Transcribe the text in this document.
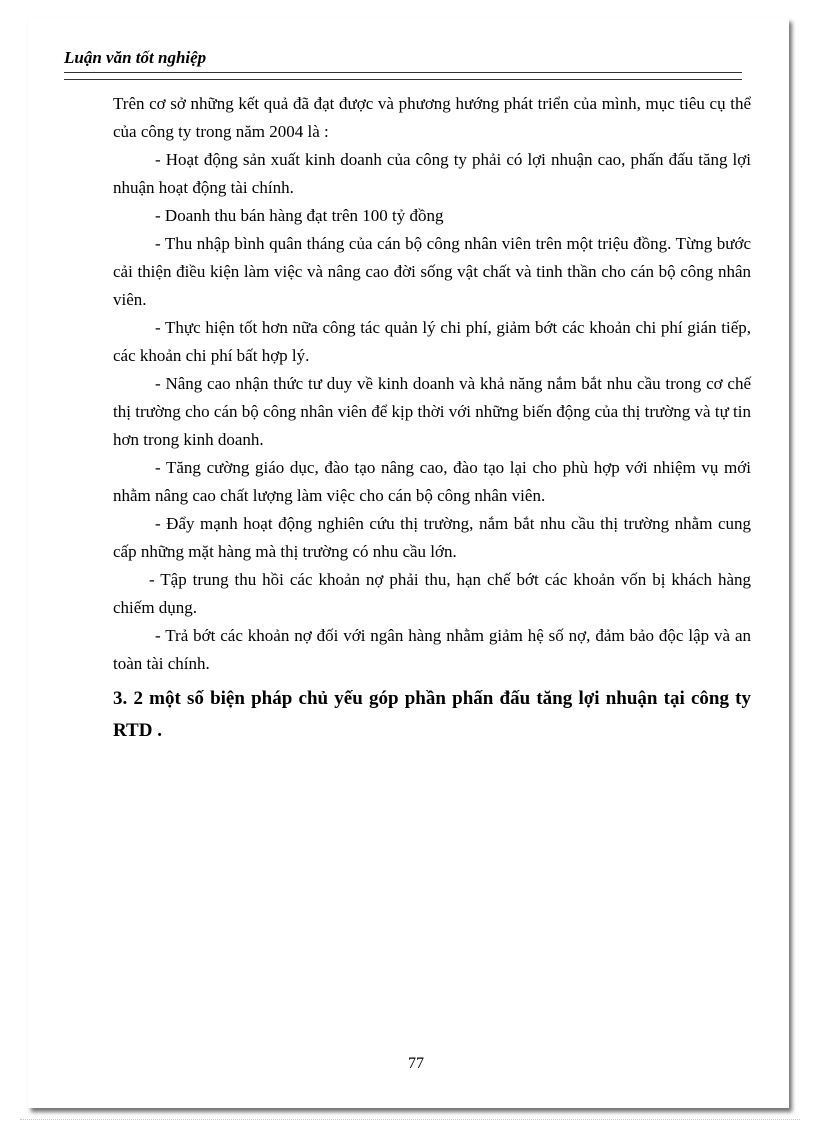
Luận văn tốt nghiệp

Trên cơ sở những kết quả đã đạt được và phương hướng phát triển của mình, mục tiêu cụ thể của công ty trong năm 2004 là :

- Hoạt động sản xuất kinh doanh của công ty phải có lợi nhuận cao, phấn đấu tăng lợi nhuận hoạt động tài chính.

- Doanh thu bán hàng đạt trên 100 tỷ đồng

- Thu nhập bình quân tháng của cán bộ công nhân viên trên một triệu đồng. Từng bước cải thiện điều kiện làm việc và nâng cao đời sống vật chất và tinh thần cho cán bộ công nhân viên.

- Thực hiện tốt hơn nữa công tác quản lý chi phí, giảm bớt các khoản chi phí gián tiếp, các khoản chi phí bất hợp lý.

- Nâng cao nhận thức tư duy về kinh doanh và khả năng nắm bắt nhu cầu trong cơ chế thị trường cho cán bộ công nhân viên để kịp thời với những biến động của thị trường và tự tin hơn trong kinh doanh.

- Tăng cường giáo dục, đào tạo nâng cao, đào tạo lại cho phù hợp với nhiệm vụ mới nhằm nâng cao chất lượng làm việc cho cán bộ công nhân viên.

- Đẩy mạnh hoạt động nghiên cứu thị trường, nắm bắt nhu cầu thị trường nhằm cung cấp những mặt hàng mà thị trường có nhu cầu lớn.

- Tập trung thu hồi các khoản nợ phải thu, hạn chế bớt các khoản vốn bị khách hàng chiếm dụng.

- Trả bớt các khoản nợ đối với ngân hàng nhằm giảm hệ số nợ, đảm bảo độc lập và an toàn tài chính.

3. 2 một số biện pháp chủ yếu góp phần phấn đấu tăng lợi nhuận tại công ty RTD .

77
